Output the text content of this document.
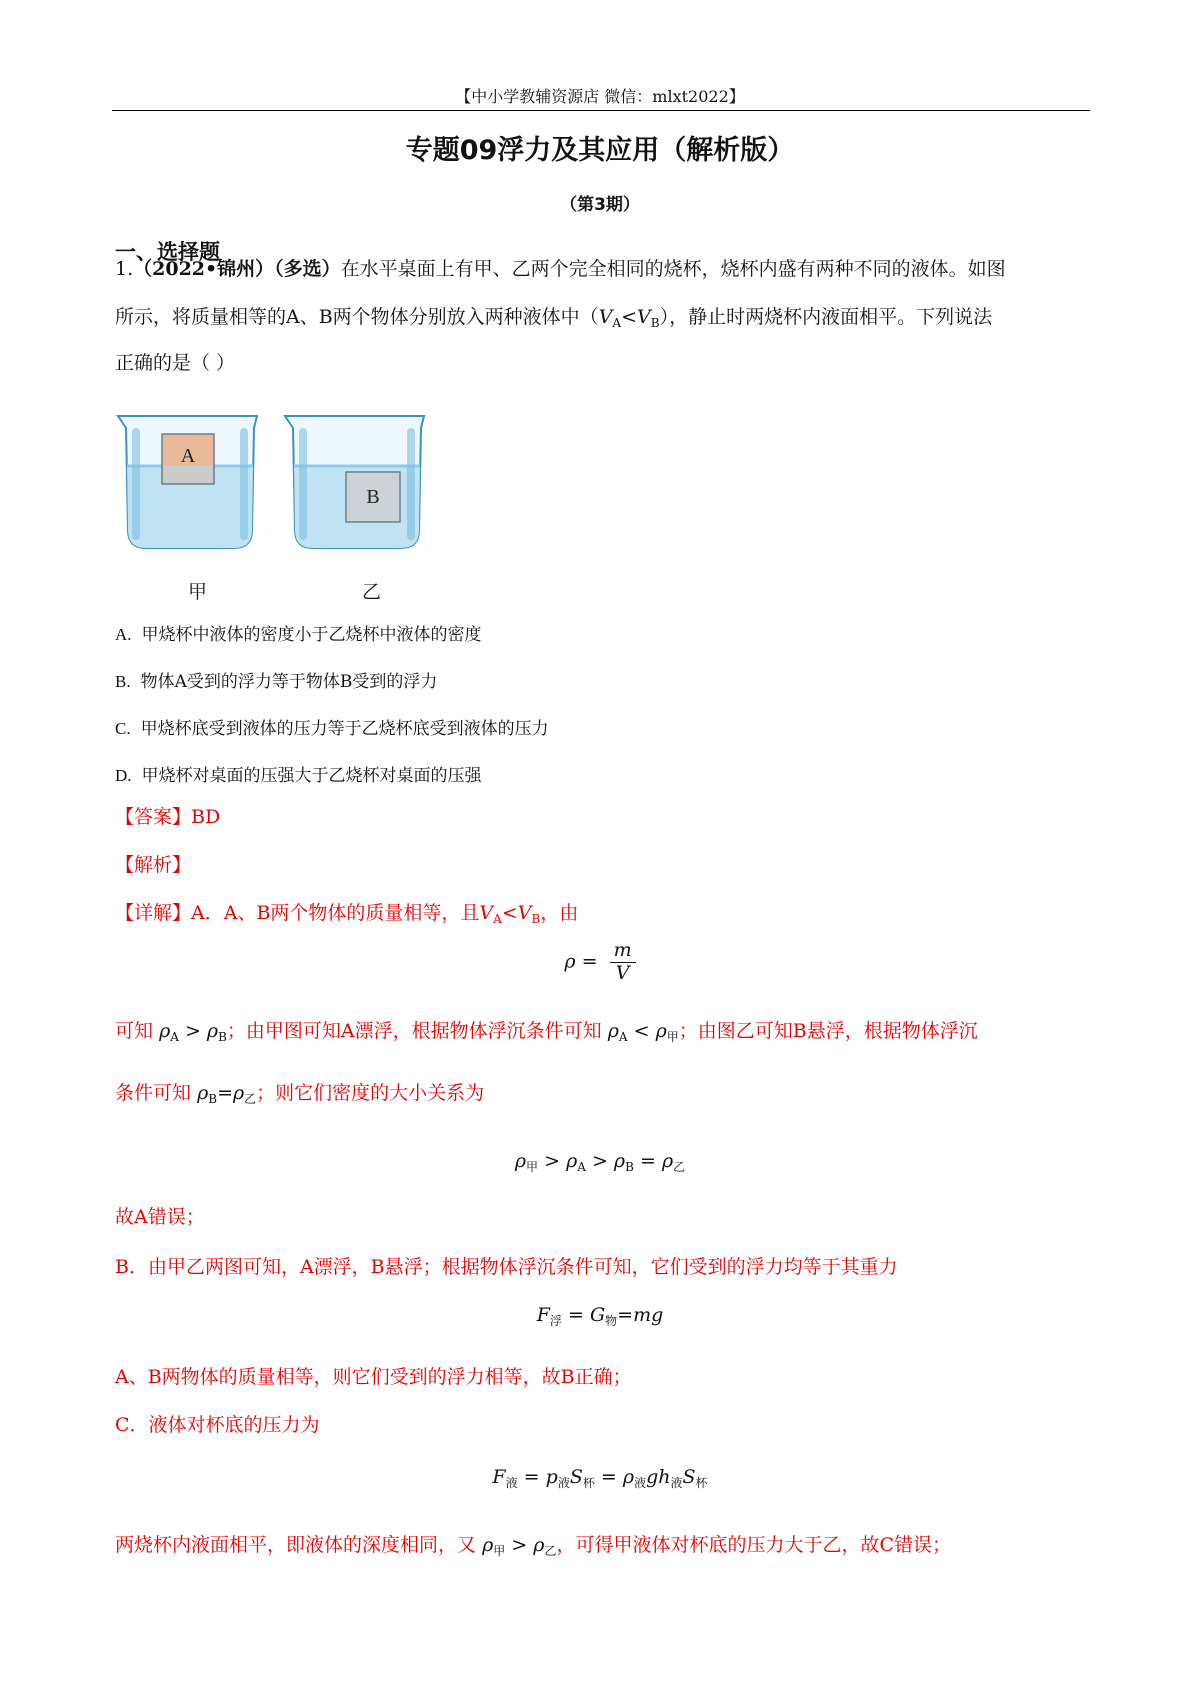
【中小学教辅资源店 微信：mlxt2022】
专题09浮力及其应用（解析版）
（第3期）
一、选择题
1.（2022•锦州）（多选）在水平桌面上有甲、乙两个完全相同的烧杯，烧杯内盛有两种不同的液体。如图
所示，将质量相等的A、B两个物体分别放入两种液体中$(V_A<V_B)$，静止时两烧杯内液面相平。下列说法
正确的是（ ）
A
B
甲	乙
A. 甲烧杯中液体的密度小于乙烧杯中液体的密度
B. 物体A受到的浮力等于物体B受到的浮力
C. 甲烧杯底受到液体的压力等于乙烧杯底受到液体的压力
D. 甲烧杯对桌面的压强大于乙烧杯对桌面的压强
【答案】BD
【解析】
【详解】A．A、B两个物体的质量相等，且$V_A<V_B$，由
$\rho = \frac{m}{V}$
可知 $\rho_A > \rho_B$；由甲图可知A漂浮，根据物体浮沉条件可知 $\rho_A < \rho_甲$；由图乙可知B悬浮，根据物体浮沉
条件可知 $\rho_B=\rho_乙$；则它们密度的大小关系为
$\rho_甲 > \rho_A > \rho_B = \rho_乙$
故A错误；
B．由甲乙两图可知，A漂浮，B悬浮；根据物体浮沉条件可知，它们受到的浮力均等于其重力
$F_浮 = G_物=mg$
A、B两物体的质量相等，则它们受到的浮力相等，故B正确；
C．液体对杯底的压力为
$F_液 = p_液S_杯 = \rho_液gh_液S_杯$
两烧杯内液面相平，即液体的深度相同，又 $\rho_甲 > \rho_乙$，可得甲液体对杯底的压力大于乙，故C错误；
